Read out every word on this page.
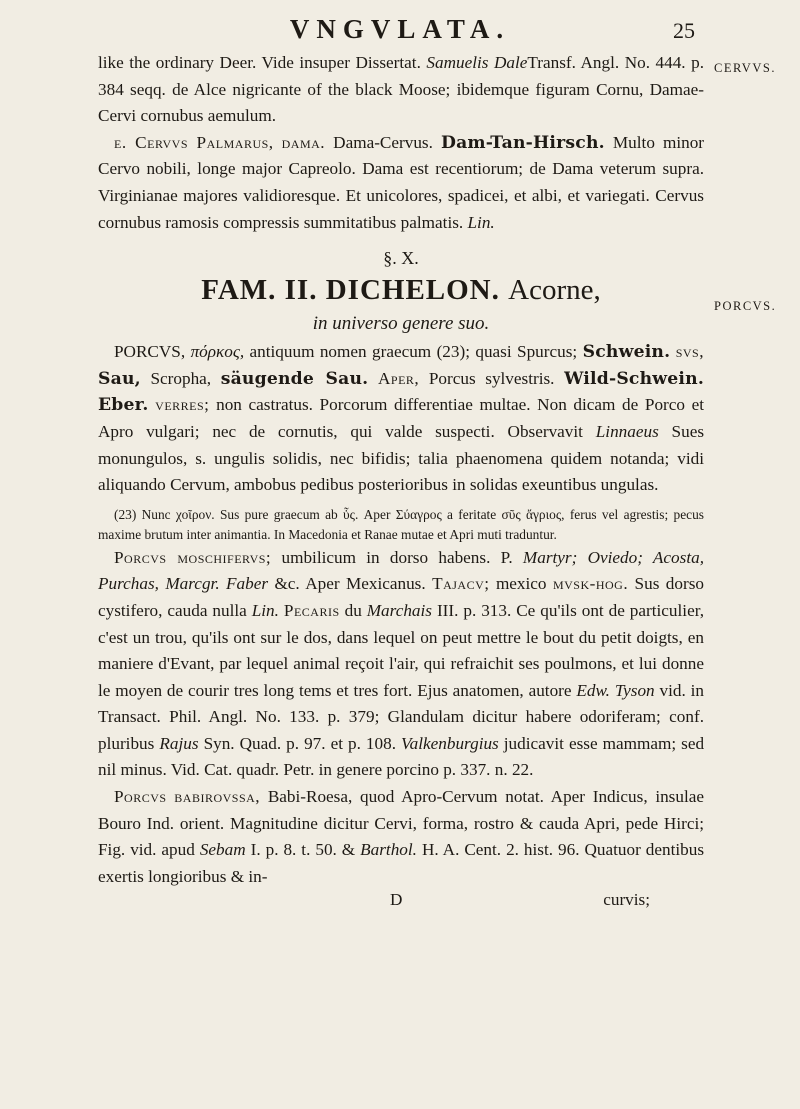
VNGVLATA.	25
CERVVS.
PORCVS.

like the ordinary Deer. Vide insuper Dissertat. Samuelis DaleTransf. Angl. No. 444. p. 384 seqq. de Alce nigricante of the black Moose; ibidemque figuram Cornu, Damae-Cervi cornubus aemulum.

ε. Cervvs Palmarus, dama. Dama-Cervus. Dam-Tan-Hirsch. Multo minor Cervo nobili, longe major Capreolo. Dama est recentiorum; de Dama veterum supra. Virginianae majores validioresque. Et unicolores, spadicei, et albi, et variegati. Cervus cornubus ramosis compressis summitatibus palmatis. Lin.

§. X.
FAM. II. DICHELON. Acorne,
in universo genere suo.

PORCVS, πόρκος, antiquum nomen graecum (23); quasi Spurcus; Schwein. svs, Sau, Scropha, säugende Sau. Aper, Porcus sylvestris. Wild-Schwein. Eber. verres; non castratus. Porcorum differentiae multae. Non dicam de Porco et Apro vulgari; nec de cornutis, qui valde suspecti. Observavit Linnaeus Sues monungulos, s. ungulis solidis, nec bifidis; talia phaenomena quidem notanda; vidi aliquando Cervum, ambobus pedibus posterioribus in solidas exeuntibus ungulas.

(23) Nunc χοῖρον. Sus pure graecum ab ὗς. Aper Σύαγρος a feritate σῦς ἄγριος, ferus vel agrestis; pecus maxime brutum inter animantia. In Macedonia et Ranae mutae et Apri muti traduntur.

Porcvs moschifervs; umbilicum in dorso habens. P. Martyr; Oviedo; Acosta, Purchas, Marcgr. Faber &c. Aper Mexicanus. Tajacv; mexico mvsk-hog. Sus dorso cystifero, cauda nulla Lin. Pecaris du Marchais III. p. 313. Ce qu'ils ont de particulier, c'est un trou, qu'ils ont sur le dos, dans lequel on peut mettre le bout du petit doigts, en maniere d'Evant, par lequel animal reçoit l'air, qui refraichit ses poulmons, et lui donne le moyen de courir tres long tems et tres fort. Ejus anatomen, autore Edw. Tyson vid. in Transact. Phil. Angl. No. 133. p. 379; Glandulam dicitur habere odoriferam; conf. pluribus Rajus Syn. Quad. p. 97. et p. 108. Valkenburgius judicavit esse mammam; sed nil minus. Vid. Cat. quadr. Petr. in genere porcino p. 337. n. 22.

Porcvs babirovssa, Babi-Roesa, quod Apro-Cervum notat. Aper Indicus, insulae Bouro Ind. orient. Magnitudine dicitur Cervi, forma, rostro & cauda Apri, pede Hirci; Fig. vid. apud Sebam I. p. 8. t. 50. & Barthol. H. A. Cent. 2. hist. 96. Quatuor dentibus exertis longioribus & in-

D	curvis;
